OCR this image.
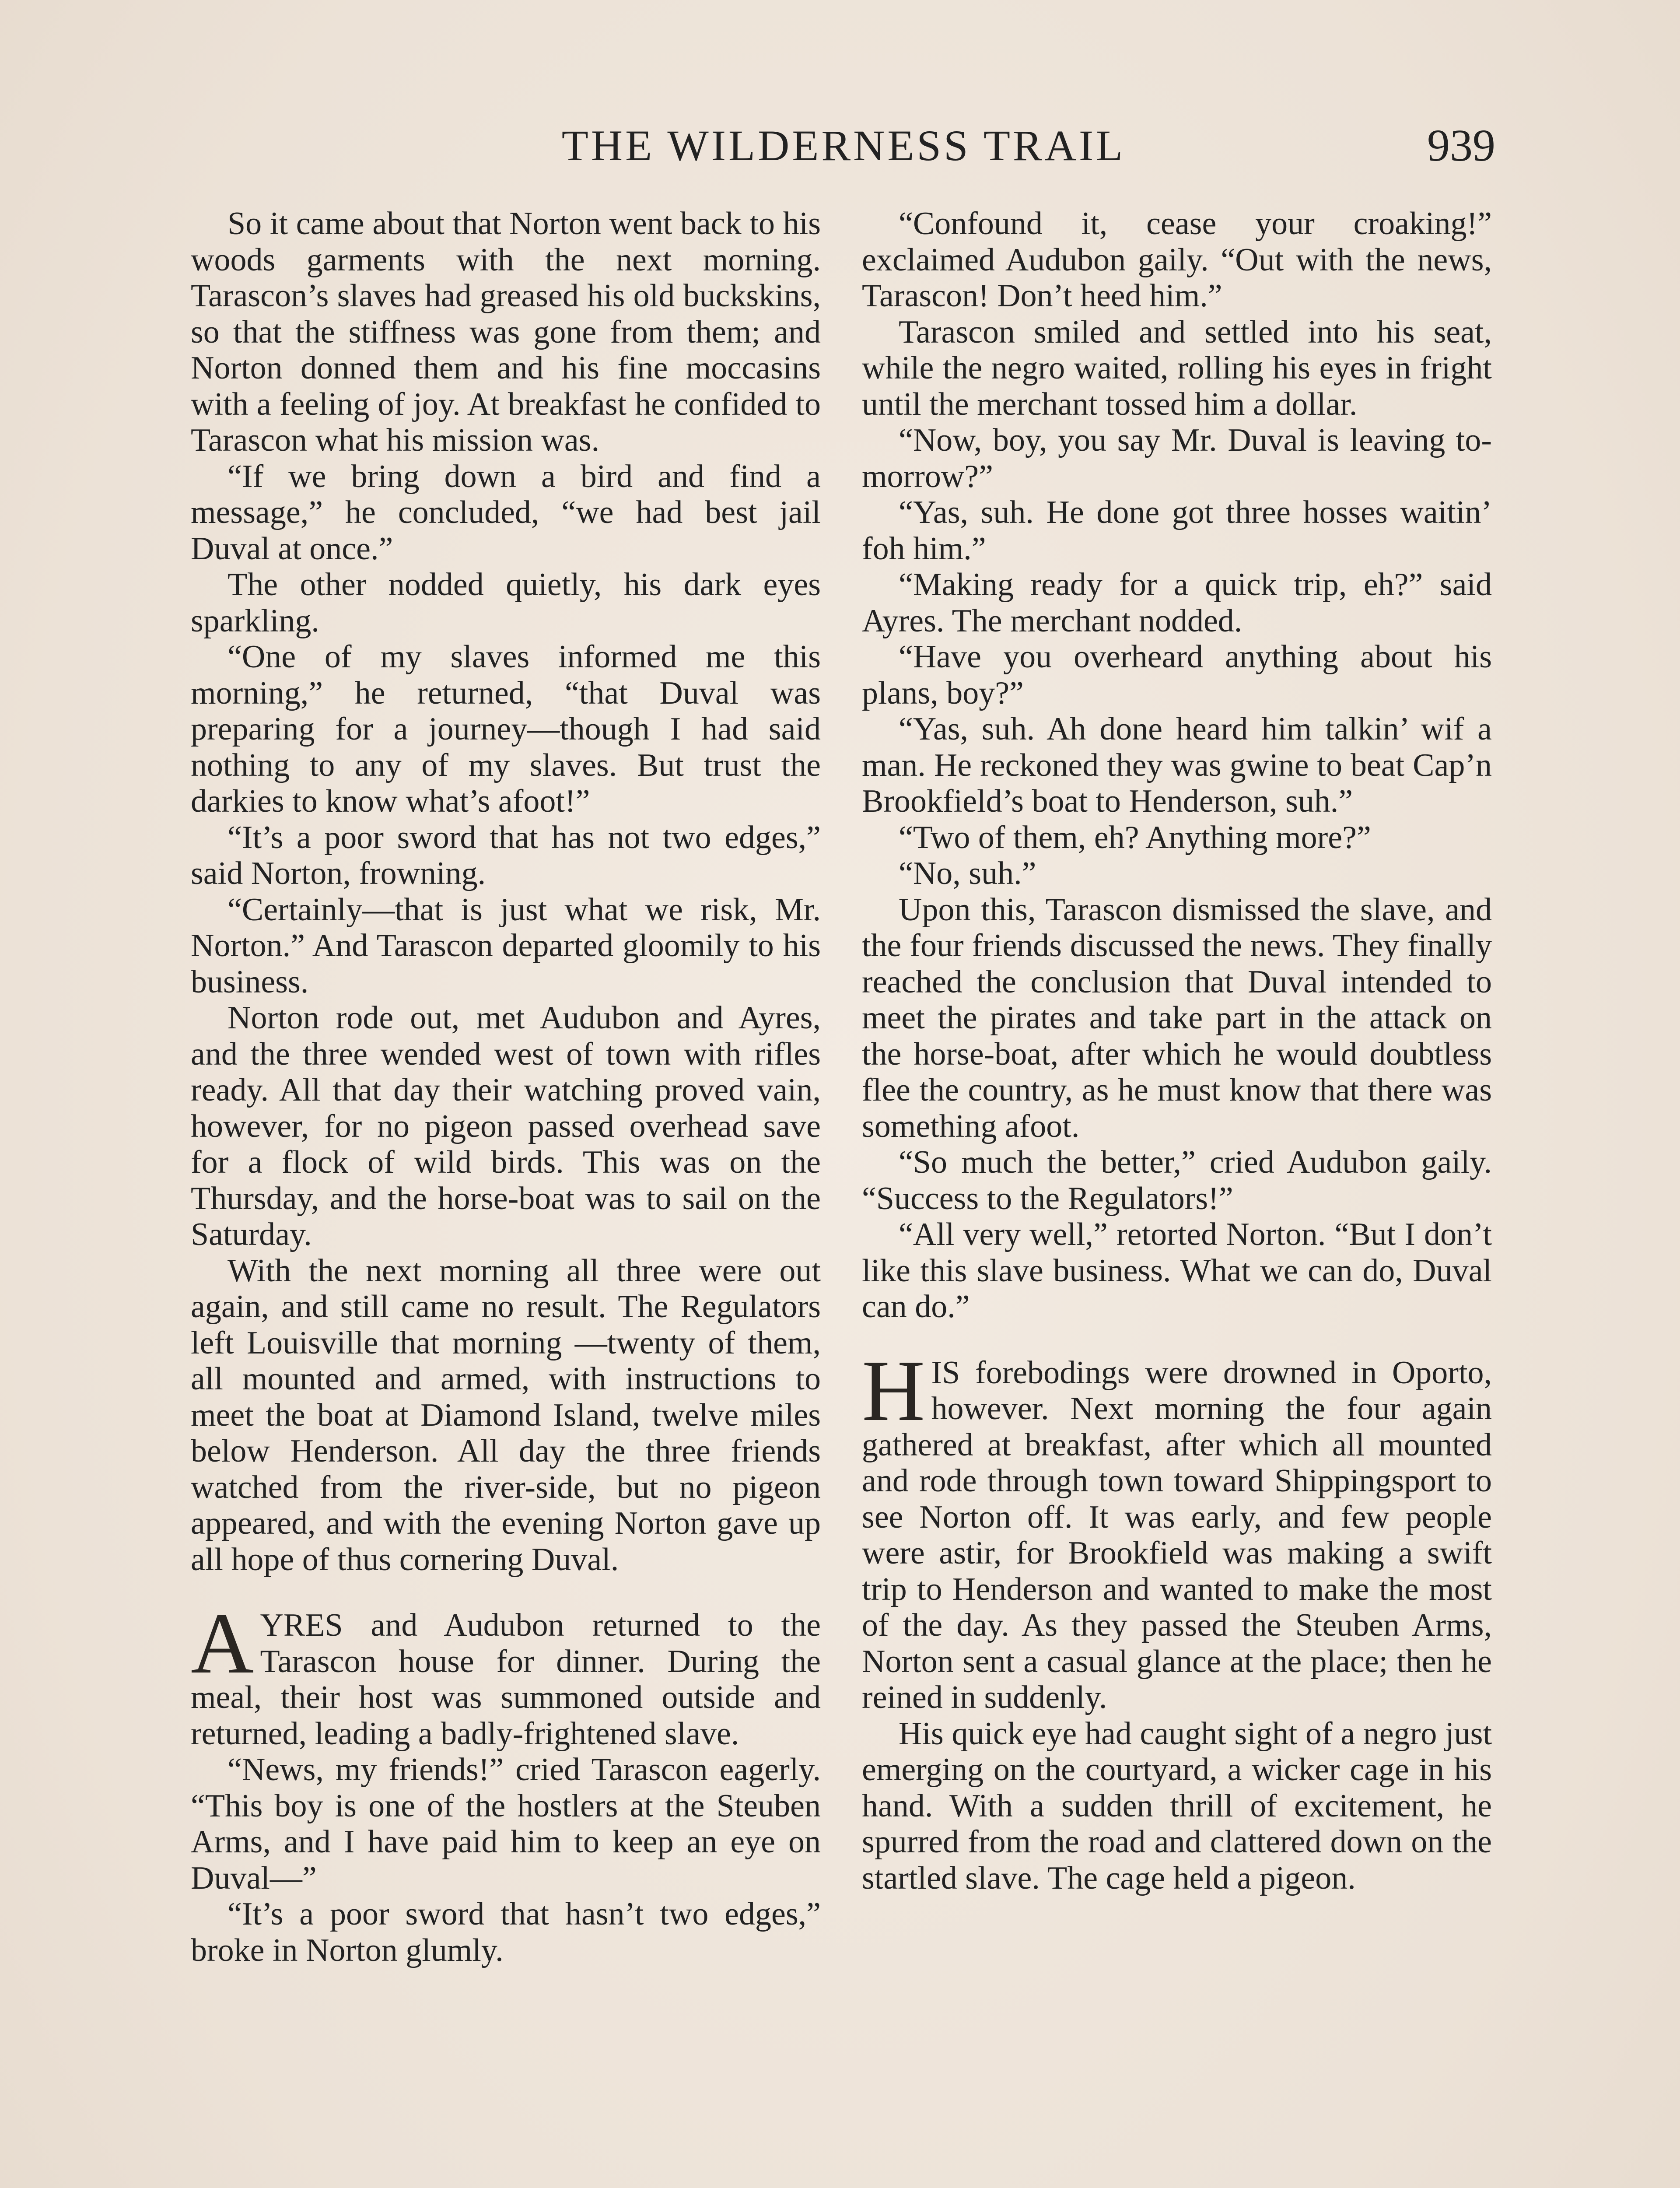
THE WILDERNESS TRAIL	939

So it came about that Norton went back to his woods garments with the next morning. Tarascon’s slaves had greased his old buckskins, so that the stiffness was gone from them; and Norton donned them and his fine moccasins with a feeling of joy. At breakfast he confided to Tarascon what his mission was.

“If we bring down a bird and find a message,” he concluded, “we had best jail Duval at once.”

The other nodded quietly, his dark eyes sparkling.

“One of my slaves informed me this morning,” he returned, “that Duval was preparing for a journey—though I had said nothing to any of my slaves. But trust the darkies to know what’s afoot!”

“It’s a poor sword that has not two edges,” said Norton, frowning.

“Certainly—that is just what we risk, Mr. Norton.” And Tarascon departed gloomily to his business.

Norton rode out, met Audubon and Ayres, and the three wended west of town with rifles ready. All that day their watching proved vain, however, for no pigeon passed overhead save for a flock of wild birds. This was on the Thursday, and the horse-boat was to sail on the Saturday.

With the next morning all three were out again, and still came no result. The Regulators left Louisville that morning —twenty of them, all mounted and armed, with instructions to meet the boat at Diamond Island, twelve miles below Henderson. All day the three friends watched from the river-side, but no pigeon appeared, and with the evening Norton gave up all hope of thus cornering Duval.

AYRES and Audubon returned to the Tarascon house for dinner. During the meal, their host was summoned outside and returned, leading a badly-frightened slave.

“News, my friends!” cried Tarascon eagerly. “This boy is one of the hostlers at the Steuben Arms, and I have paid him to keep an eye on Duval—”

“It’s a poor sword that hasn’t two edges,” broke in Norton glumly.

“Confound it, cease your croaking!” exclaimed Audubon gaily. “Out with the news, Tarascon! Don’t heed him.”

Tarascon smiled and settled into his seat, while the negro waited, rolling his eyes in fright until the merchant tossed him a dollar.

“Now, boy, you say Mr. Duval is leaving to-morrow?”

“Yas, suh. He done got three hosses waitin’ foh him.”

“Making ready for a quick trip, eh?” said Ayres. The merchant nodded.

“Have you overheard anything about his plans, boy?”

“Yas, suh. Ah done heard him talkin’ wif a man. He reckoned they was gwine to beat Cap’n Brookfield’s boat to Henderson, suh.”

“Two of them, eh? Anything more?”

“No, suh.”

Upon this, Tarascon dismissed the slave, and the four friends discussed the news. They finally reached the conclusion that Duval intended to meet the pirates and take part in the attack on the horse-boat, after which he would doubtless flee the country, as he must know that there was something afoot.

“So much the better,” cried Audubon gaily. “Success to the Regulators!”

“All very well,” retorted Norton. “But I don’t like this slave business. What we can do, Duval can do.”

HIS forebodings were drowned in Oporto, however. Next morning the four again gathered at breakfast, after which all mounted and rode through town toward Shippingsport to see Norton off. It was early, and few people were astir, for Brookfield was making a swift trip to Henderson and wanted to make the most of the day. As they passed the Steuben Arms, Norton sent a casual glance at the place; then he reined in suddenly.

His quick eye had caught sight of a negro just emerging on the courtyard, a wicker cage in his hand. With a sudden thrill of excitement, he spurred from the road and clattered down on the startled slave. The cage held a pigeon.
